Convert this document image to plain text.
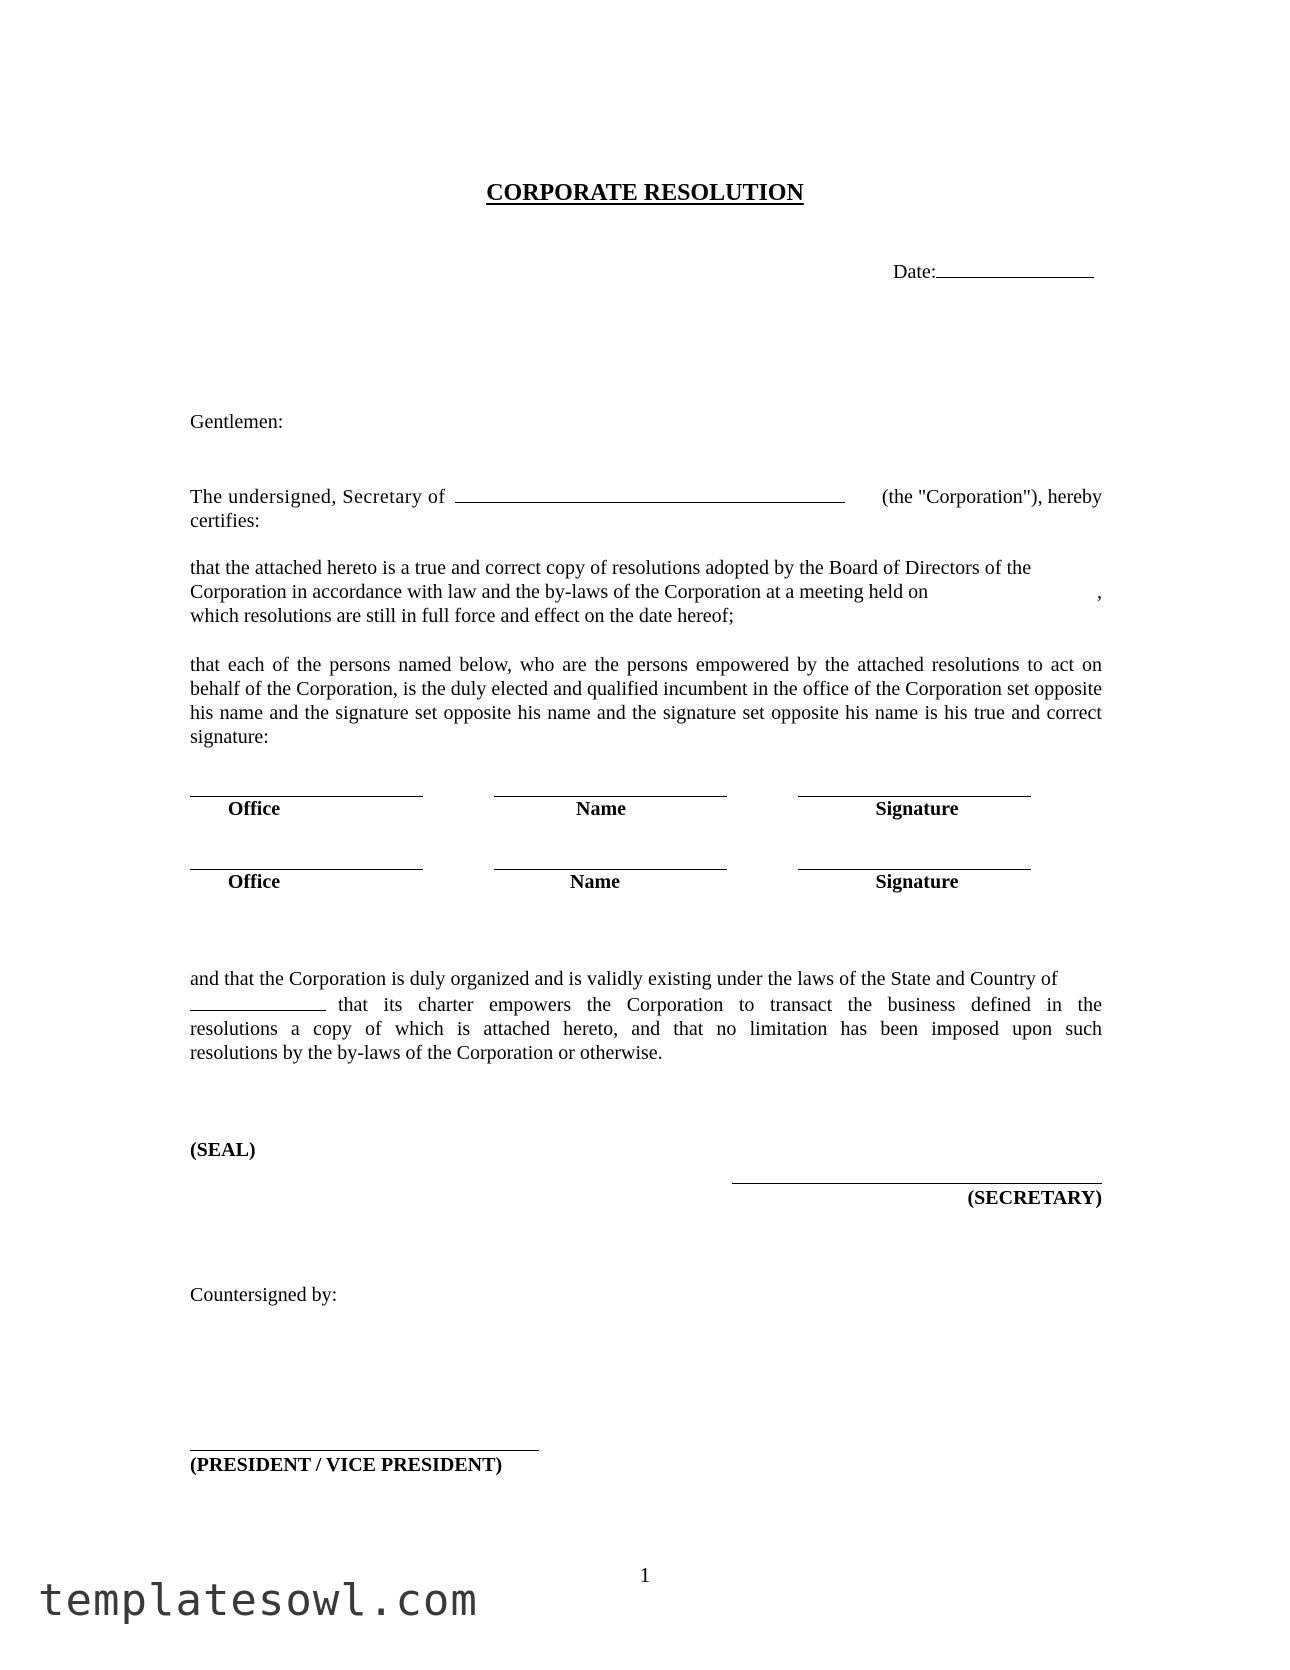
CORPORATE RESOLUTION
Date:
Gentlemen:
The undersigned, Secretary of	(the "Corporation"), hereby
certifies:
that the attached hereto is a true and correct copy of resolutions adopted by the Board of Directors of the
Corporation in accordance with law and the by-laws of the Corporation at a meeting held on	,
which resolutions are still in full force and effect on the date hereof;
that each of the persons named below, who are the persons empowered by the attached resolutions to act on behalf of the Corporation, is the duly elected and qualified incumbent in the office of the Corporation set opposite his name and the signature set opposite his name and the signature set opposite his name is his true and correct signature:
Office	Name	Signature
Office	Name	Signature
and that the Corporation is duly organized and is validly existing under the laws of the State and Country of
that its charter empowers the Corporation to transact the business defined in the
resolutions a copy of which is attached hereto, and that no limitation has been imposed upon such
resolutions by the by-laws of the Corporation or otherwise.
(SEAL)
(SECRETARY)
Countersigned by:
(PRESIDENT / VICE PRESIDENT)
1
templatesowl.com
